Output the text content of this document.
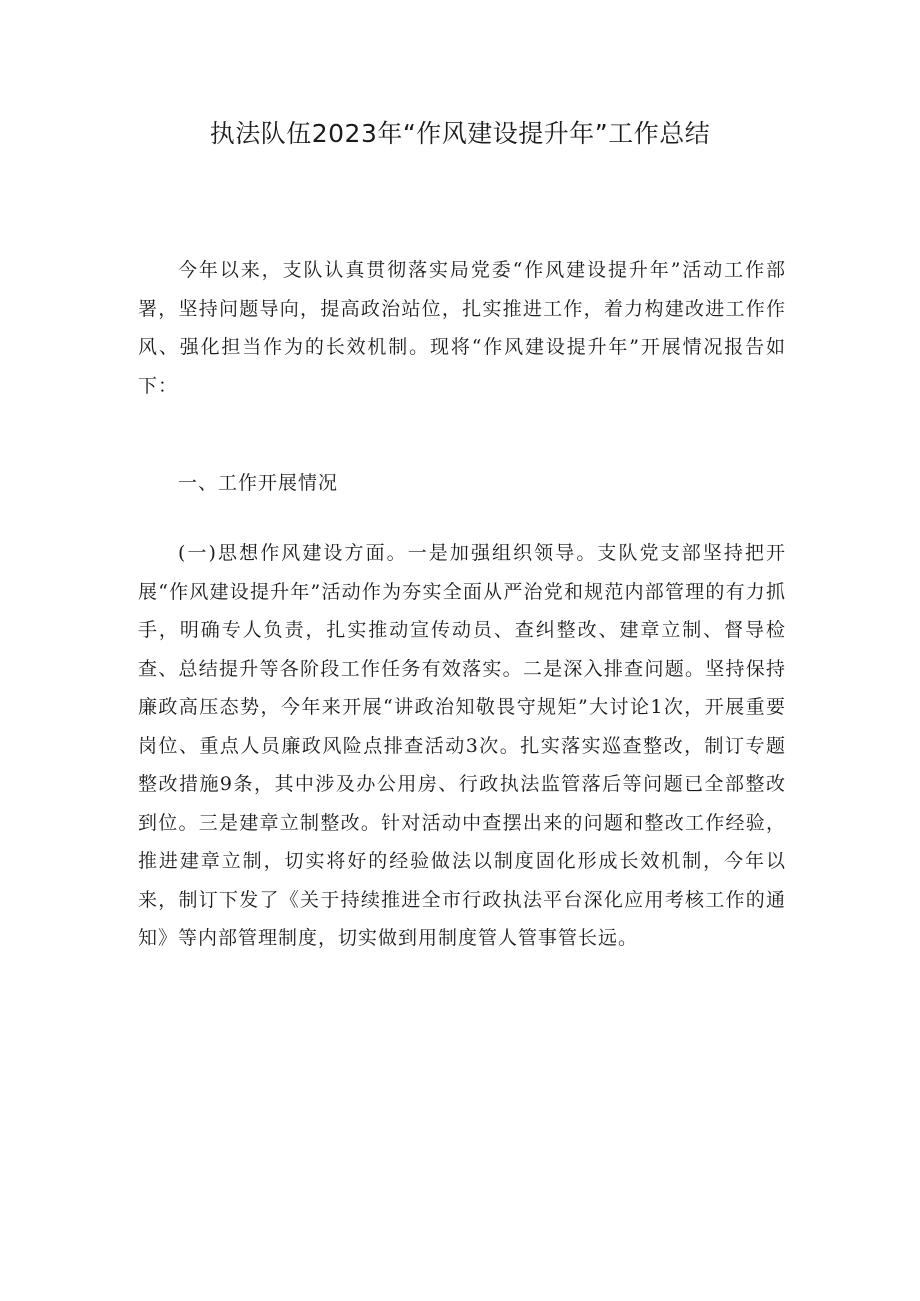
执法队伍2023年“作风建设提升年”工作总结

今年以来，支队认真贯彻落实局党委“作风建设提升年”活动工作部署，坚持问题导向，提高政治站位，扎实推进工作，着力构建改进工作作风、强化担当作为的长效机制。现将“作风建设提升年”开展情况报告如下：

一、工作开展情况

(一)思想作风建设方面。一是加强组织领导。支队党支部坚持把开展“作风建设提升年”活动作为夯实全面从严治党和规范内部管理的有力抓手，明确专人负责，扎实推动宣传动员、查纠整改、建章立制、督导检查、总结提升等各阶段工作任务有效落实。二是深入排查问题。坚持保持廉政高压态势，今年来开展“讲政治知敬畏守规矩”大讨论1次，开展重要岗位、重点人员廉政风险点排查活动3次。扎实落实巡查整改，制订专题整改措施9条，其中涉及办公用房、行政执法监管落后等问题已全部整改到位。三是建章立制整改。针对活动中查摆出来的问题和整改工作经验，推进建章立制，切实将好的经验做法以制度固化形成长效机制，今年以来，制订下发了《关于持续推进全市行政执法平台深化应用考核工作的通知》等内部管理制度，切实做到用制度管人管事管长远。
